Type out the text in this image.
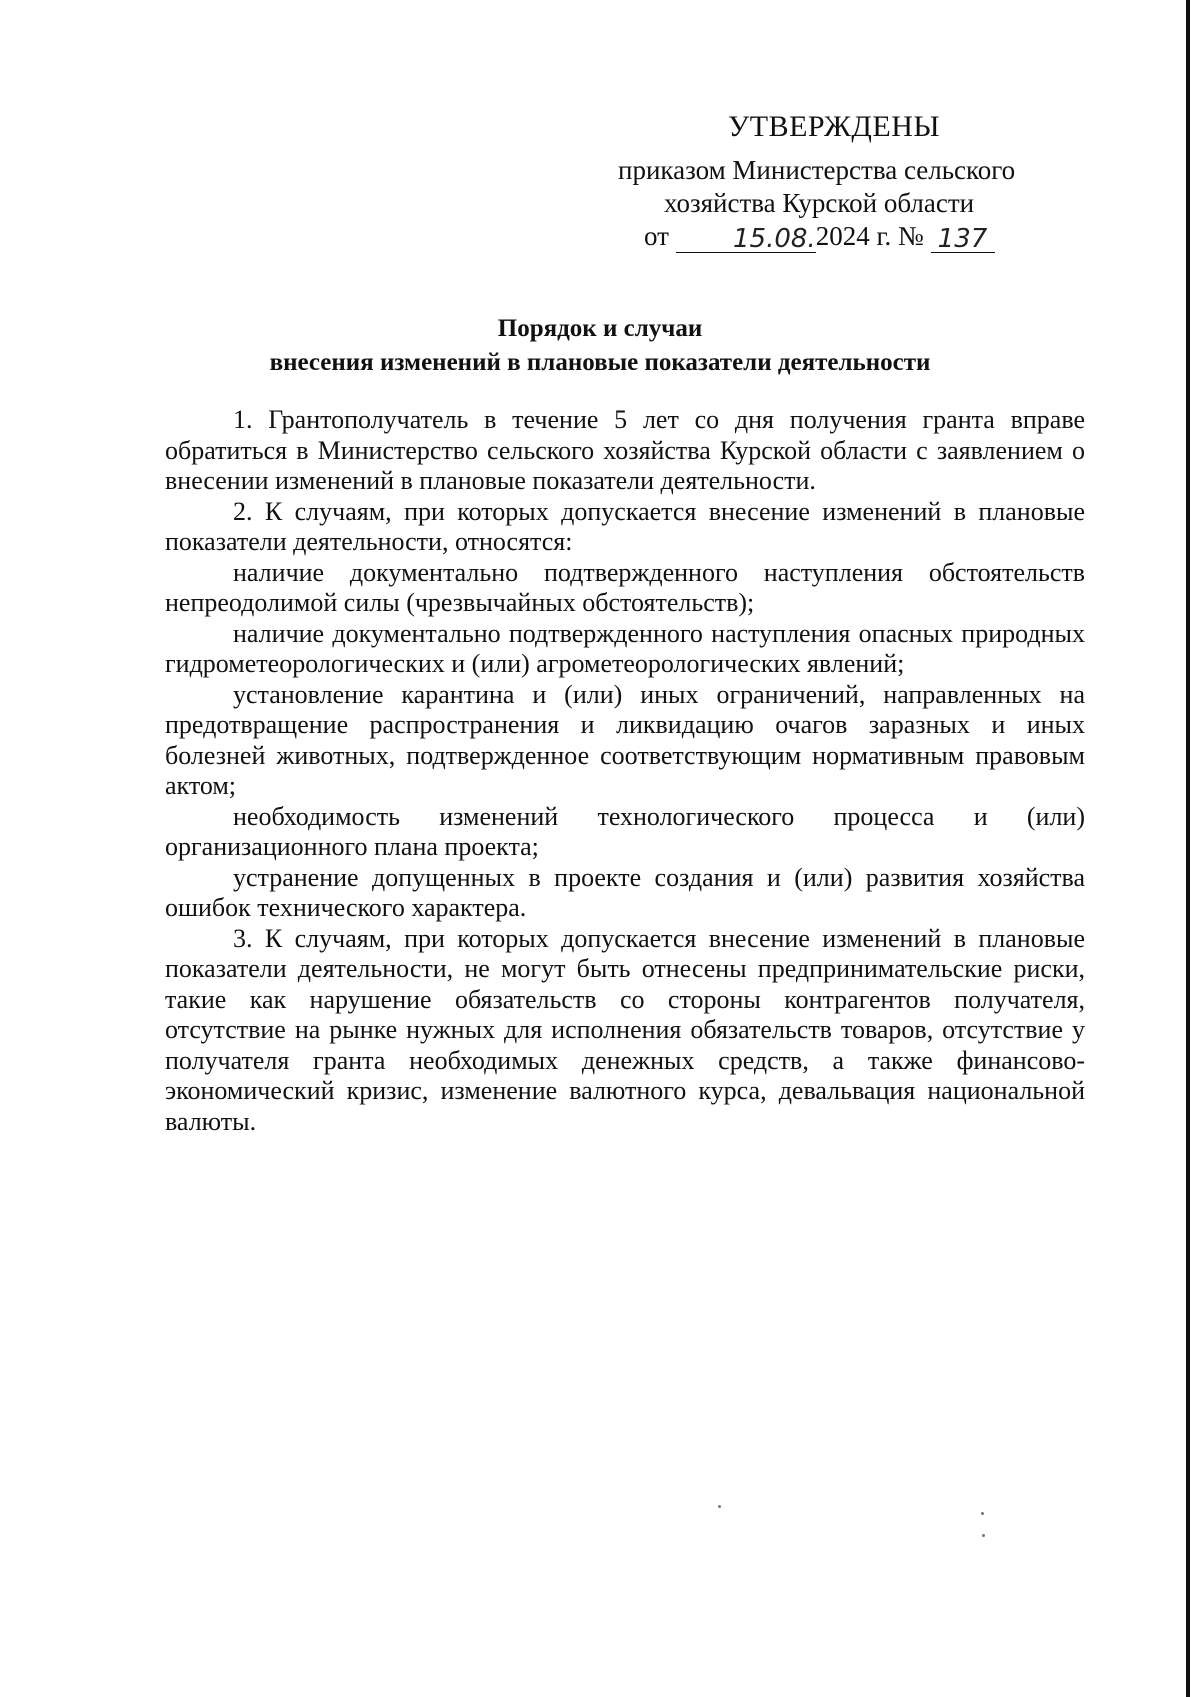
УТВЕРЖДЕНЫ
приказом Министерства сельского
хозяйства Курской области
от 15.08.2024 г. № 137
Порядок и случаи
внесения изменений в плановые показатели деятельности

1. Грантополучатель в течение 5 лет со дня получения гранта вправе обратиться в Министерство сельского хозяйства Курской области с заявлением о внесении изменений в плановые показатели деятельности.

2. К случаям, при которых допускается внесение изменений в плановые показатели деятельности, относятся:

наличие документально подтвержденного наступления обстоятельств непреодолимой силы (чрезвычайных обстоятельств);

наличие документально подтвержденного наступления опасных природных гидрометеорологических и (или) агрометеорологических явлений;

установление карантина и (или) иных ограничений, направленных на предотвращение распространения и ликвидацию очагов заразных и иных болезней животных, подтвержденное соответствующим нормативным правовым актом;

необходимость изменений технологического процесса и (или) организационного плана проекта;

устранение допущенных в проекте создания и (или) развития хозяйства ошибок технического характера.

3. К случаям, при которых допускается внесение изменений в плановые показатели деятельности, не могут быть отнесены предпринимательские риски, такие как нарушение обязательств со стороны контрагентов получателя, отсутствие на рынке нужных для исполнения обязательств товаров, отсутствие у получателя гранта необходимых денежных средств, а также финансово-экономический кризис, изменение валютного курса, девальвация национальной валюты.
